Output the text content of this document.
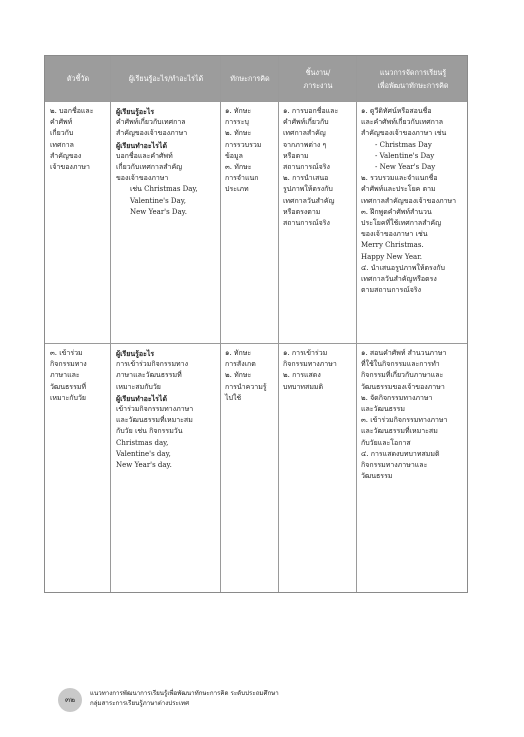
ตัวชี้วัด	ผู้เรียนรู้อะไร/ทำอะไรได้	ทักษะการคิด
ชิ้นงาน/
ภาระงาน
แนวการจัดการเรียนรู้
เพื่อพัฒนาทักษะการคิด
๒. บอกชื่อและ
คำศัพท์
เกี่ยวกับ
เทศกาล
สำคัญของ
เจ้าของภาษา
ผู้เรียนรู้อะไร
คำศัพท์เกี่ยวกับเทศกาล
สำคัญของเจ้าของภาษา
ผู้เรียนทำอะไรได้
บอกชื่อและคำศัพท์
เกี่ยวกับเทศกาลสำคัญ
ของเจ้าของภาษา
เช่น Christmas Day,
Valentine's Day,
New Year's Day.
๑. ทักษะ
การระบุ
๒. ทักษะ
การรวบรวม
ข้อมูล
๓. ทักษะ
การจำแนก
ประเภท
๑. การบอกชื่อและ
คำศัพท์เกี่ยวกับ
เทศกาลสำคัญ
จากภาพต่าง ๆ
หรือตาม
สถานการณ์จริง
๒. การนำเสนอ
รูปภาพให้ตรงกับ
เทศกาลวันสำคัญ
หรือตรงตาม
สถานการณ์จริง
๑. ดูวีดิทัศน์หรือสอนชื่อ
และคำศัพท์เกี่ยวกับเทศกาล
สำคัญของเจ้าของภาษา เช่น
- Christmas Day
- Valentine's Day
- New Year's Day
๒. รวบรวมและจำแนกชื่อ
คำศัพท์และประโยค ตาม
เทศกาลสำคัญของเจ้าของภาษา
๓. ฝึกพูดคำศัพท์สำนวน
ประโยคที่ใช้เทศกาลสำคัญ
ของเจ้าของภาษา เช่น
Merry Christmas.
Happy New Year.
๔. นำเสนอรูปภาพให้ตรงกับ
เทศกาลวันสำคัญหรือตรง
ตามสถานการณ์จริง
๓. เข้าร่วม
กิจกรรมทาง
ภาษาและ
วัฒนธรรมที่
เหมาะกับวัย
ผู้เรียนรู้อะไร
การเข้าร่วมกิจกรรมทาง
ภาษาและวัฒนธรรมที่
เหมาะสมกับวัย
ผู้เรียนทำอะไรได้
เข้าร่วมกิจกรรมทางภาษา
และวัฒนธรรมที่เหมาะสม
กับวัย เช่น กิจกรรมวัน
Christmas day,
Valentine's day,
New Year's day.
๑. ทักษะ
การสังเกต
๒. ทักษะ
การนำความรู้
ไปใช้
๑. การเข้าร่วม
กิจกรรมทางภาษา
๒. การแสดง
บทบาทสมมติ
๑. สอนคำศัพท์ สำนวนภาษา
ที่ใช้ในกิจกรรมและการทำ
กิจกรรมที่เกี่ยวกับภาษาและ
วัฒนธรรมของเจ้าของภาษา
๒. จัดกิจกรรมทางภาษา
และวัฒนธรรม
๓. เข้าร่วมกิจกรรมทางภาษา
และวัฒนธรรมที่เหมาะสม
กับวัยและโอกาส
๔. การแสดงบทบาทสมมติ
กิจกรรมทางภาษาและ
วัฒนธรรม
๓๒
แนวทางการพัฒนาการเรียนรู้เพื่อพัฒนาทักษะการคิด ระดับประถมศึกษา
กลุ่มสาระการเรียนรู้ภาษาต่างประเทศ
